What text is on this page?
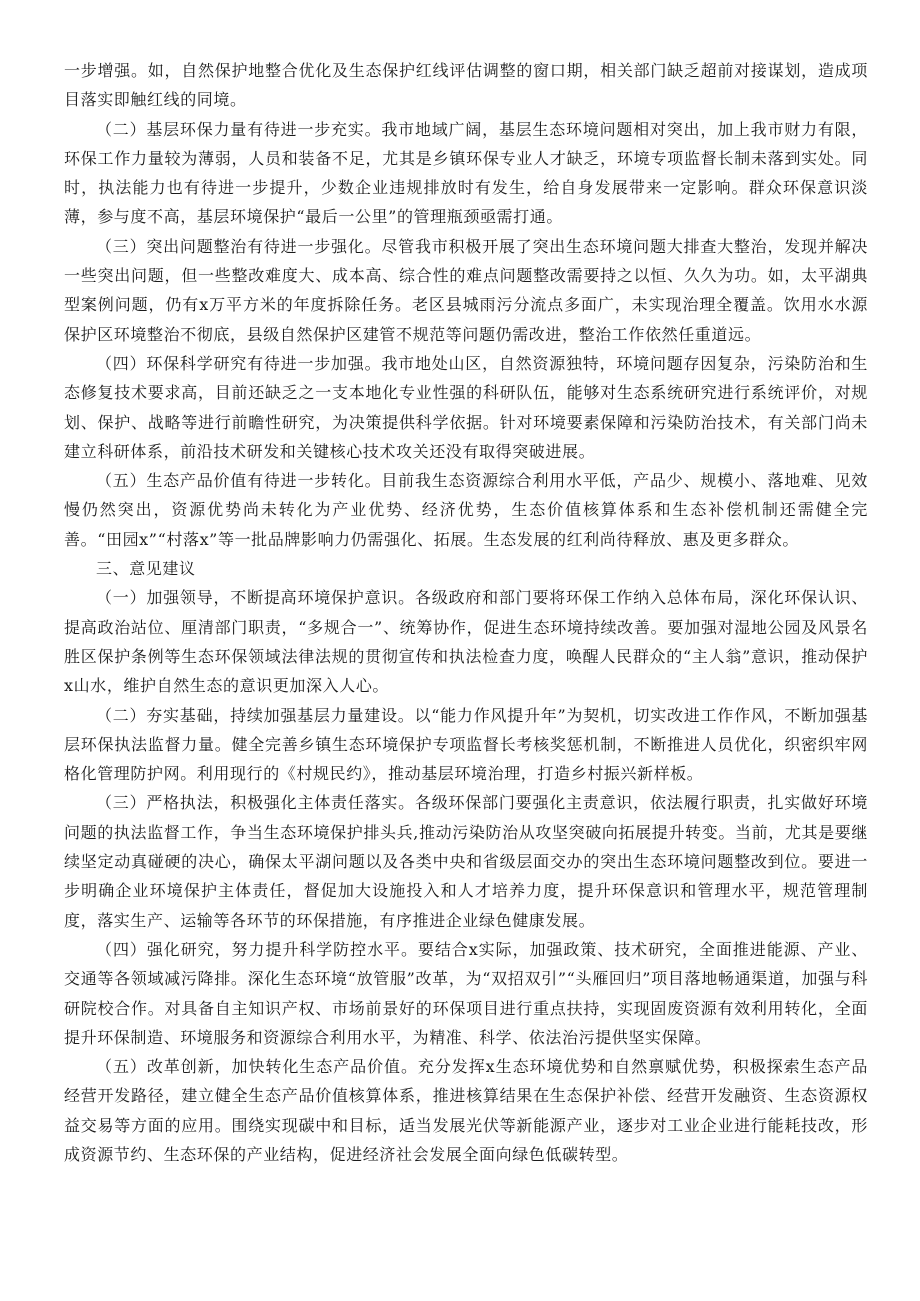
一步增强。如，自然保护地整合优化及生态保护红线评估调整的窗口期，相关部门缺乏超前对接谋划，造成项目落实即触红线的同境。

（二）基层环保力量有待进一步充实。我市地域广阔，基层生态环境问题相对突出，加上我市财力有限，环保工作力量较为薄弱，人员和装备不足，尤其是乡镇环保专业人才缺乏，环境专项监督长制未落到实处。同时，执法能力也有待进一步提升，少数企业违规排放时有发生，给自身发展带来一定影响。群众环保意识淡薄，参与度不高，基层环境保护“最后一公里”的管理瓶颈亟需打通。

（三）突出问题整治有待进一步强化。尽管我市积极开展了突出生态环境问题大排查大整治，发现并解决一些突出问题，但一些整改难度大、成本高、综合性的难点问题整改需要持之以恒、久久为功。如，太平湖典型案例问题，仍有x万平方米的年度拆除任务。老区县城雨污分流点多面广，未实现治理全覆盖。饮用水水源保护区环境整治不彻底，县级自然保护区建管不规范等问题仍需改进，整治工作依然任重道远。

（四）环保科学研究有待进一步加强。我市地处山区，自然资源独特，环境问题存因复杂，污染防治和生态修复技术要求高，目前还缺乏之一支本地化专业性强的科研队伍，能够对生态系统研究进行系统评价，对规划、保护、战略等进行前瞻性研究，为决策提供科学依据。针对环境要素保障和污染防治技术，有关部门尚未建立科研体系，前沿技术研发和关键核心技术攻关还没有取得突破进展。

（五）生态产品价值有待进一步转化。目前我生态资源综合利用水平低，产品少、规模小、落地难、见效慢仍然突出，资源优势尚未转化为产业优势、经济优势，生态价值核算体系和生态补偿机制还需健全完善。“田园x”“村落x”等一批品牌影响力仍需强化、拓展。生态发展的红利尚待释放、惠及更多群众。

三、意见建议

（一）加强领导，不断提高环境保护意识。各级政府和部门要将环保工作纳入总体布局，深化环保认识、提高政治站位、厘清部门职责，“多规合一”、统筹协作，促进生态环境持续改善。要加强对湿地公园及风景名胜区保护条例等生态环保领域法律法规的贯彻宣传和执法检查力度，唤醒人民群众的“主人翁”意识，推动保护x山水，维护自然生态的意识更加深入人心。

（二）夯实基础，持续加强基层力量建设。以“能力作风提升年”为契机，切实改进工作作风，不断加强基层环保执法监督力量。健全完善乡镇生态环境保护专项监督长考核奖惩机制，不断推进人员优化，织密织牢网格化管理防护网。利用现行的《村规民约》，推动基层环境治理，打造乡村振兴新样板。

（三）严格执法，积极强化主体责任落实。各级环保部门要强化主责意识，依法履行职责，扎实做好环境问题的执法监督工作，争当生态环境保护排头兵,推动污染防治从攻坚突破向拓展提升转变。当前，尤其是要继续坚定动真碰硬的决心，确保太平湖问题以及各类中央和省级层面交办的突出生态环境问题整改到位。要进一步明确企业环境保护主体责任，督促加大设施投入和人才培养力度，提升环保意识和管理水平，规范管理制度，落实生产、运输等各环节的环保措施，有序推进企业绿色健康发展。

（四）强化研究，努力提升科学防控水平。要结合x实际，加强政策、技术研究，全面推进能源、产业、交通等各领域减污降排。深化生态环境“放管服”改革，为“双招双引”“头雁回归”项目落地畅通渠道，加强与科研院校合作。对具备自主知识产权、市场前景好的环保项目进行重点扶持，实现固废资源有效利用转化，全面提升环保制造、环境服务和资源综合利用水平，为精准、科学、依法治污提供坚实保障。

（五）改革创新，加快转化生态产品价值。充分发挥x生态环境优势和自然禀赋优势，积极探索生态产品经营开发路径，建立健全生态产品价值核算体系，推进核算结果在生态保护补偿、经营开发融资、生态资源权益交易等方面的应用。围绕实现碳中和目标，适当发展光伏等新能源产业，逐步对工业企业进行能耗技改，形成资源节约、生态环保的产业结构，促进经济社会发展全面向绿色低碳转型。
